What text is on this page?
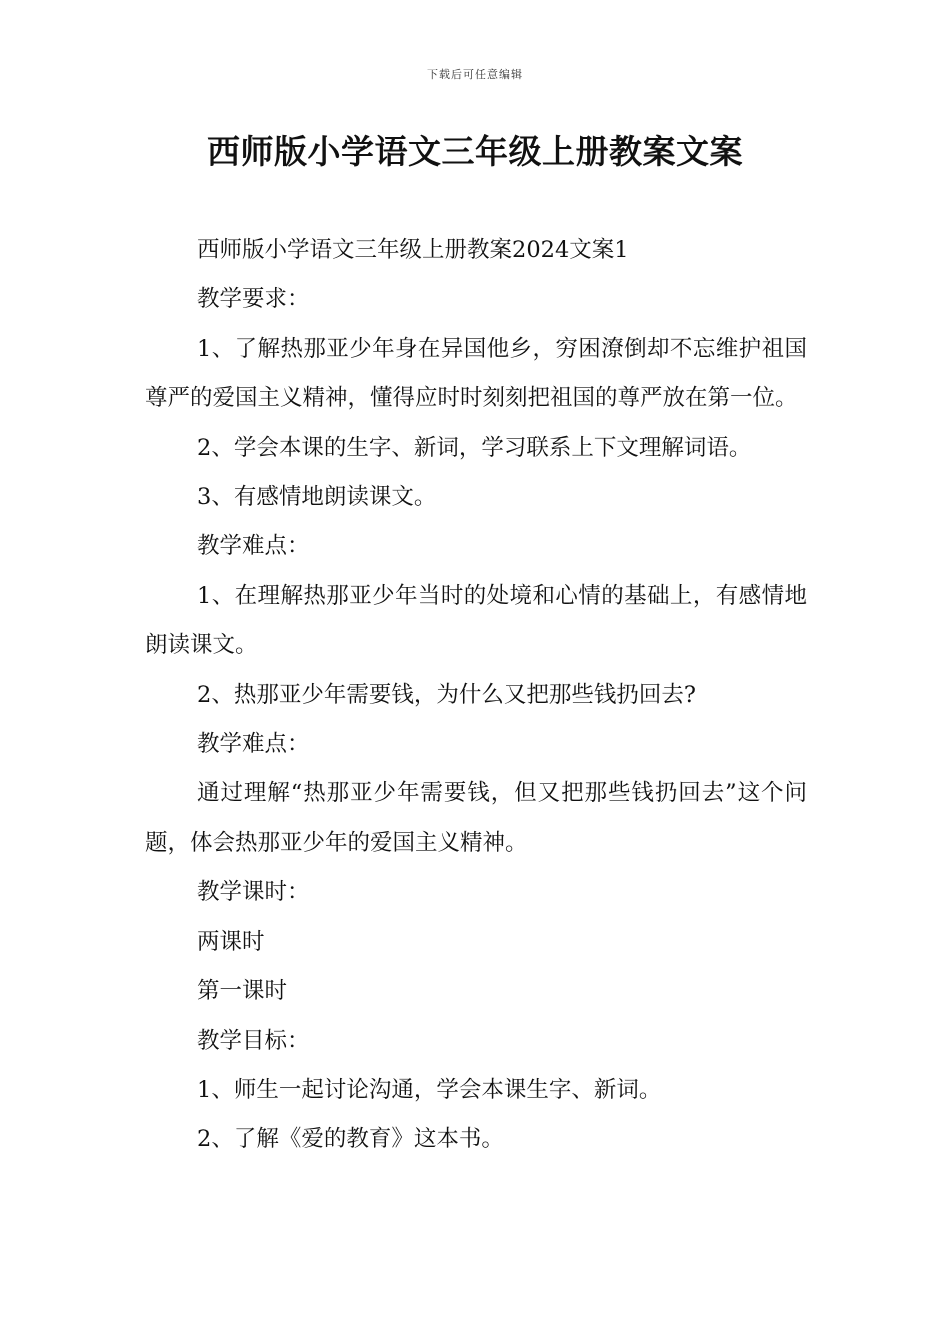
下载后可任意编辑
西师版小学语文三年级上册教案文案

西师版小学语文三年级上册教案2024文案1

教学要求：

1、了解热那亚少年身在异国他乡，穷困潦倒却不忘维护祖国尊严的爱国主义精神，懂得应时时刻刻把祖国的尊严放在第一位。

2、学会本课的生字、新词，学习联系上下文理解词语。

3、有感情地朗读课文。

教学难点：

1、在理解热那亚少年当时的处境和心情的基础上，有感情地朗读课文。

2、热那亚少年需要钱，为什么又把那些钱扔回去?

教学难点：

通过理解“热那亚少年需要钱，但又把那些钱扔回去”这个问题，体会热那亚少年的爱国主义精神。

教学课时：

两课时

第一课时

教学目标：

1、师生一起讨论沟通，学会本课生字、新词。

2、了解《爱的教育》这本书。
